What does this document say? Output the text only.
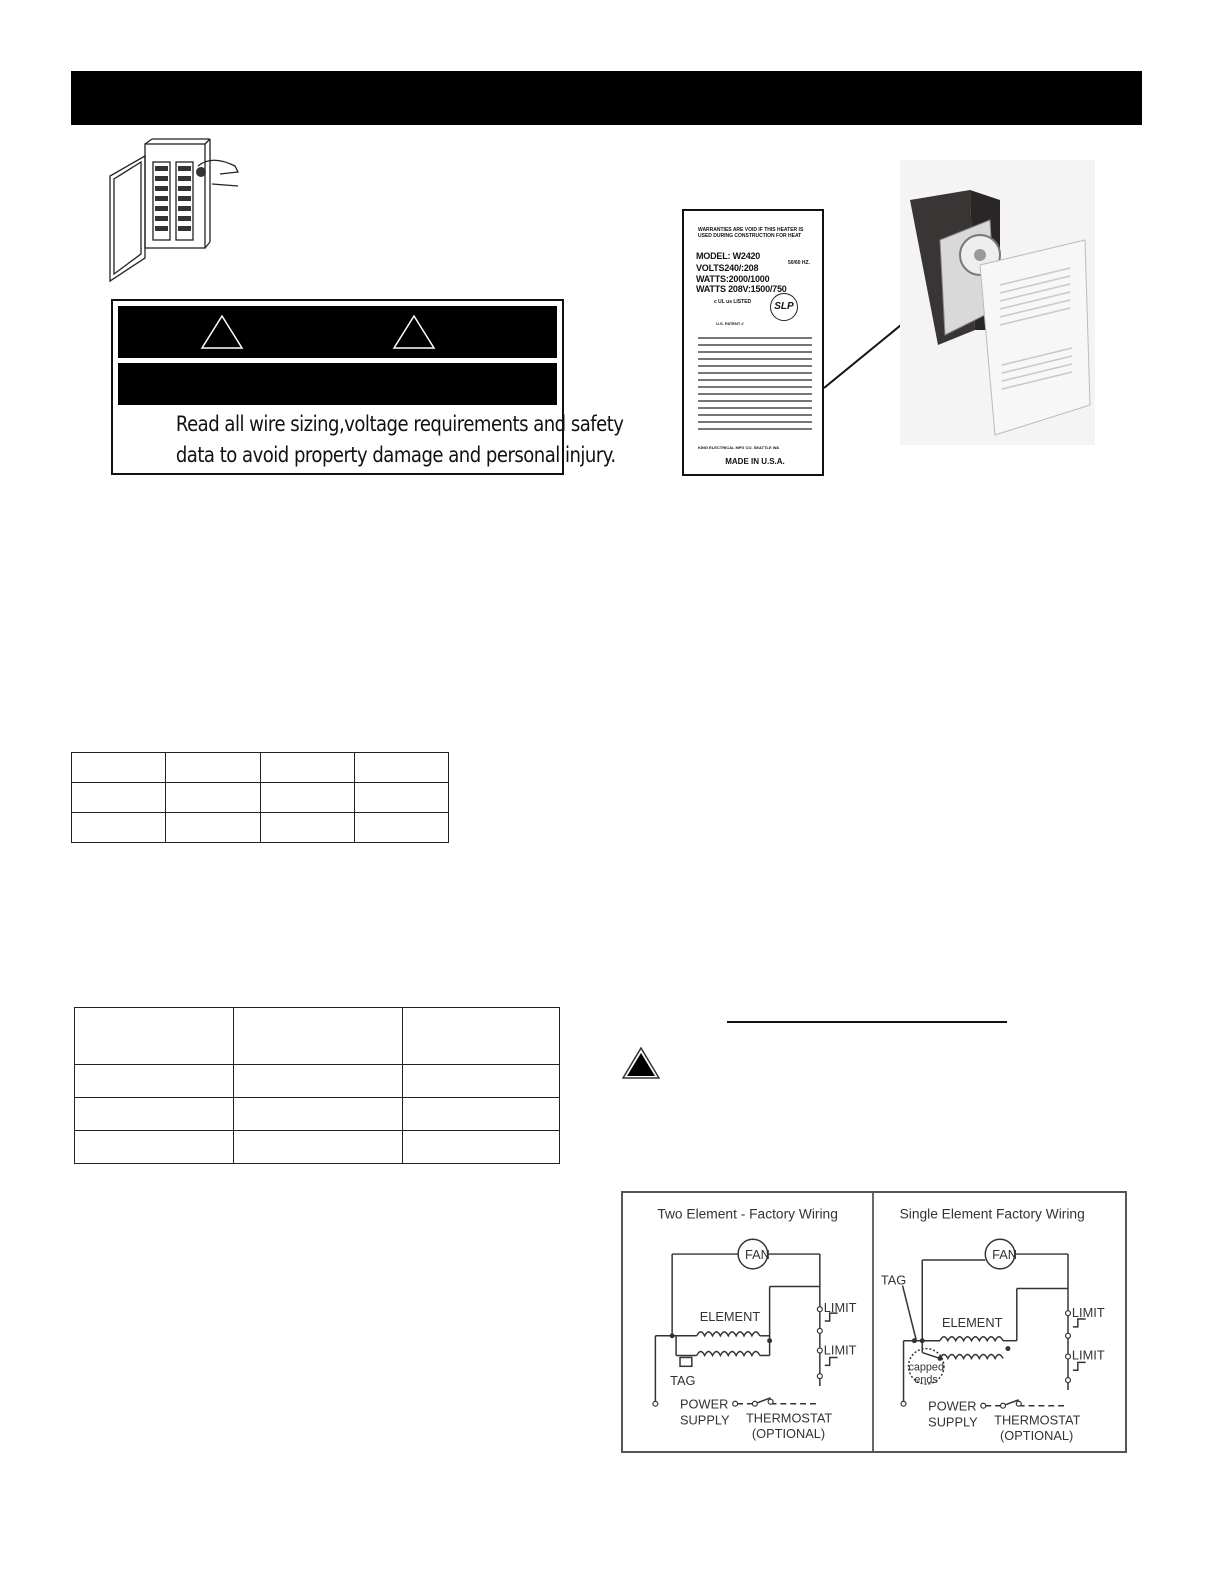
Read all wire sizing,voltage requirements and safety
data to avoid property damage and personal injury.
WARRANTIES ARE VOID IF THIS HEATER IS USED DURING CONSTRUCTION FOR HEAT
MODEL: W2420
50/60 HZ.
VOLTS240/:208
WATTS:2000/1000
WATTS 208V:1500/750
c UL us LISTED	SLP
U.S. PATENT #
KING ELECTRICAL MFG CO. SEATTLE WA
MADE IN U.S.A.

Two Element - Factory Wiring
FAN
ELEMENT
LIMIT
LIMIT
TAG
POWER
SUPPLY THERMOSTAT
(OPTIONAL)
Single Element Factory Wiring
FAN
TAG
ELEMENT
LIMIT
LIMIT
capped
ends
POWER
SUPPLY THERMOSTAT
(OPTIONAL)
